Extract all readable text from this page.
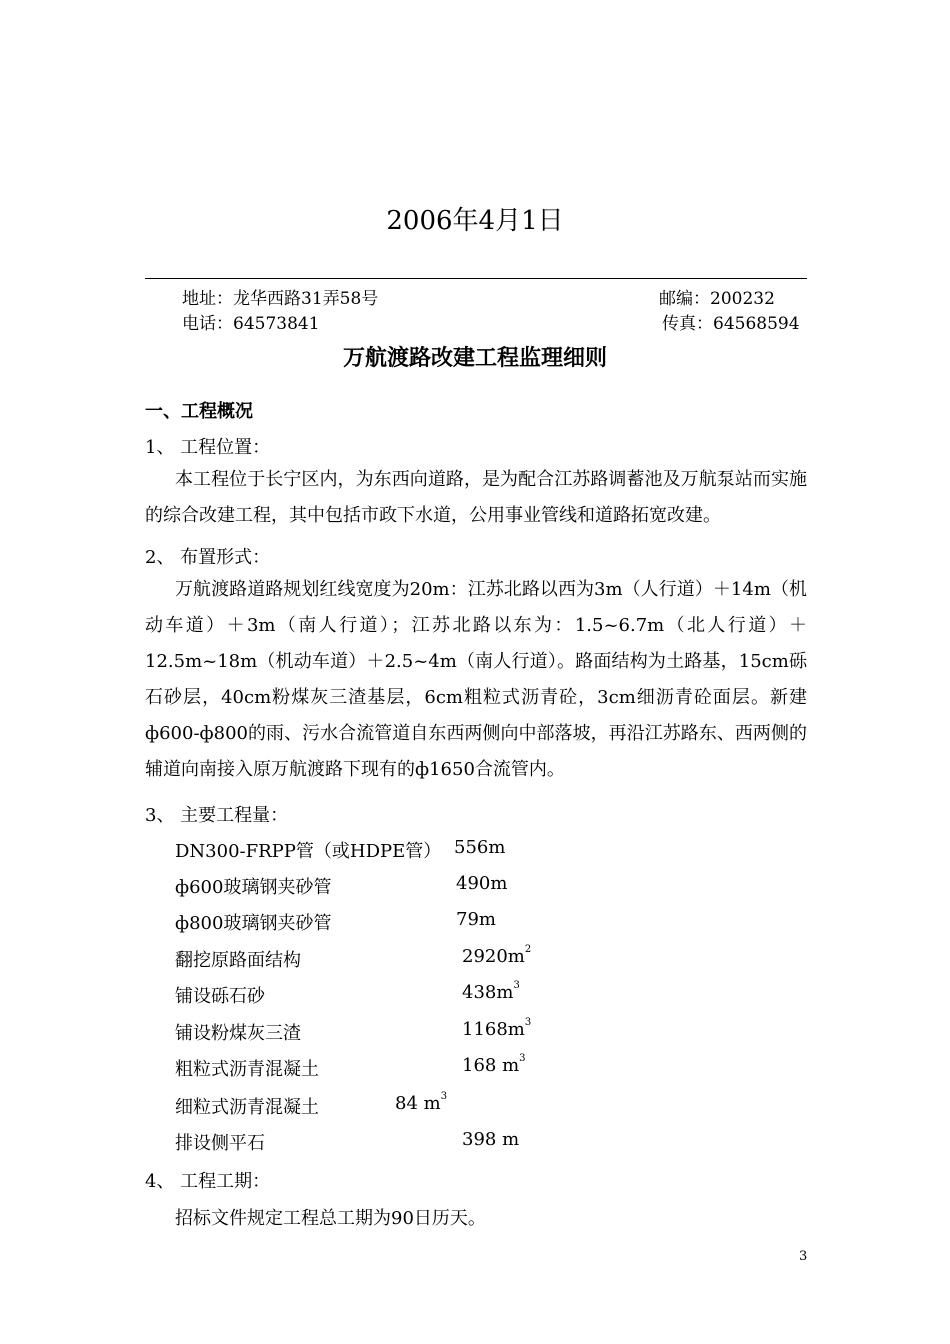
2006年4月1日
地址：龙华西路31弄58号	邮编：200232
电话：64573841	传真：64568594
万航渡路改建工程监理细则
一、工程概况
1、 工程位置：
本工程位于长宁区内，为东西向道路，是为配合江苏路调蓄池及万航泵站而实施的综合改建工程，其中包括市政下水道，公用事业管线和道路拓宽改建。
2、 布置形式：
万航渡路道路规划红线宽度为20m：江苏北路以西为3m（人行道）＋14m（机动车道）＋3m（南人行道）；江苏北路以东为：1.5~6.7m（北人行道）＋12.5m~18m（机动车道）＋2.5~4m（南人行道）。路面结构为土路基，15cm砾石砂层，40cm粉煤灰三渣基层，6cm粗粒式沥青砼，3cm细沥青砼面层。新建ф600-ф800的雨、污水合流管道自东西两侧向中部落坡，再沿江苏路东、西两侧的辅道向南接入原万航渡路下现有的ф1650合流管内。
3、 主要工程量：
DN300-FRPP管（或HDPE管） 556m
ф600玻璃钢夹砂管	490m
ф800玻璃钢夹砂管	79m
翻挖原路面结构	$2920m^2$
铺设砾石砂	$438m^3$
铺设粉煤灰三渣	$1168m^3$
粗粒式沥青混凝土	168 $m^3$
细粒式沥青混凝土	84 $m^3$
排设侧平石	398 m
4、 工程工期：
招标文件规定工程总工期为90日历天。
3
